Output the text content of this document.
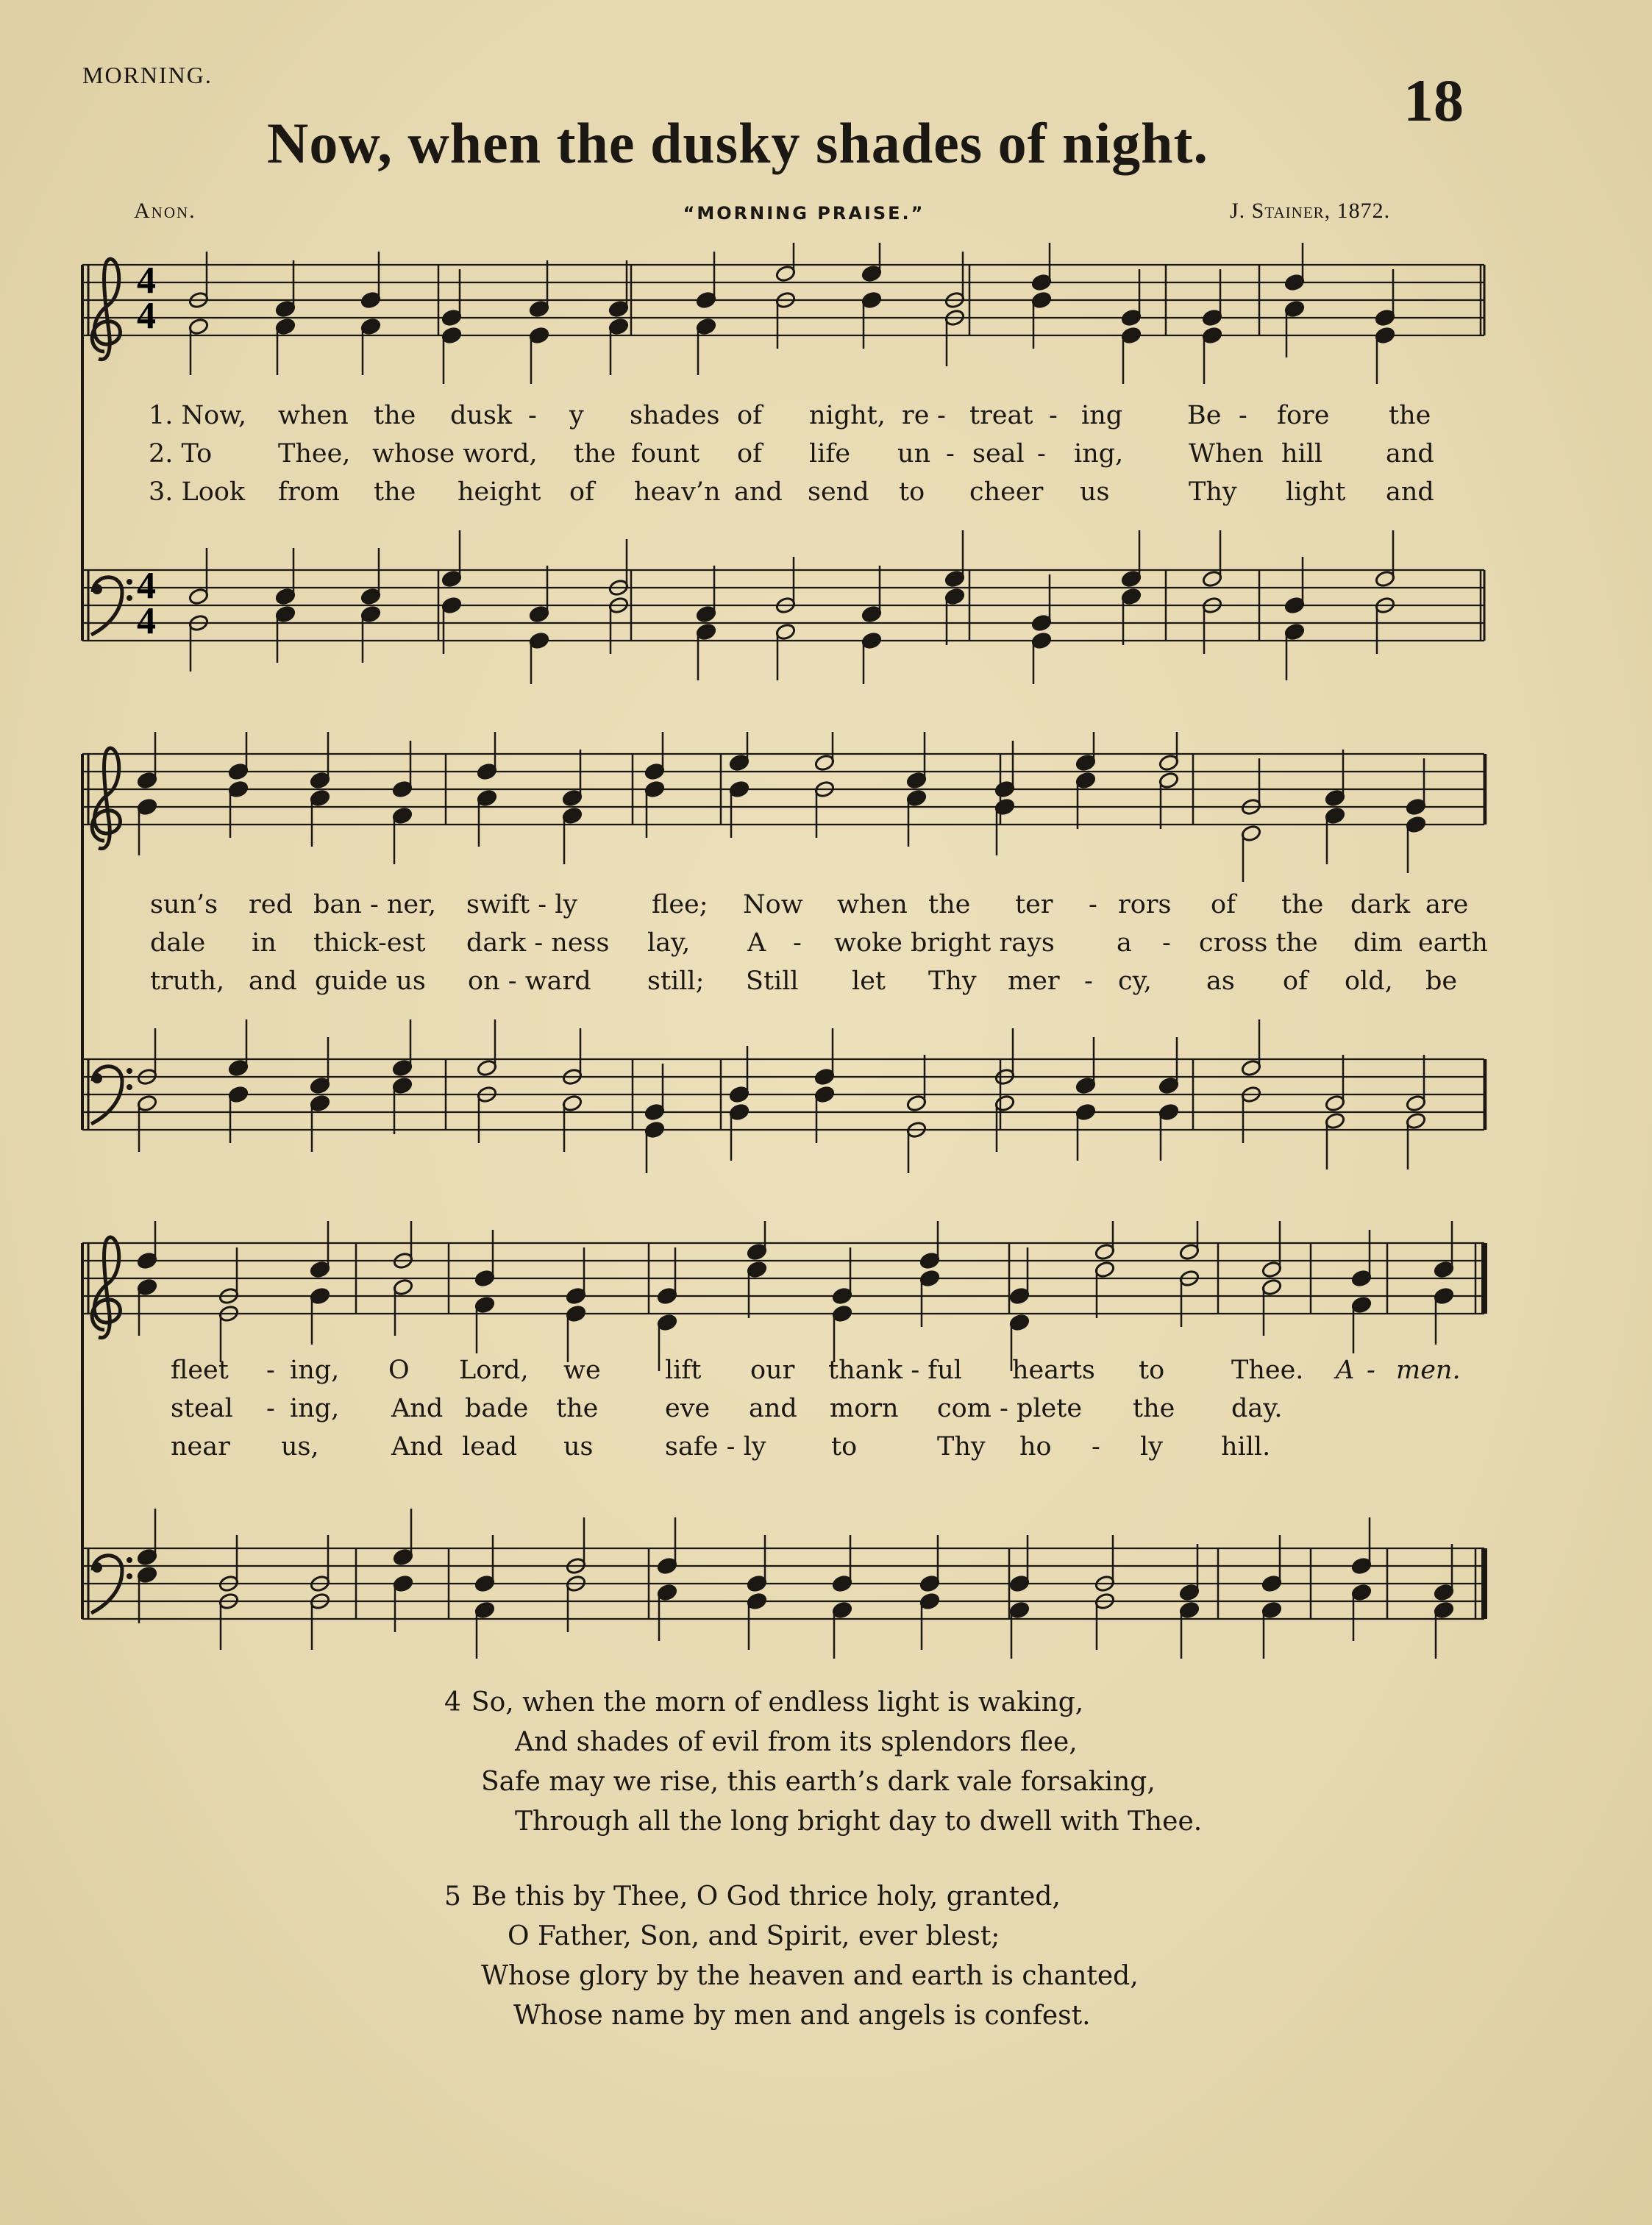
MORNING.	18
Now, when the dusky shades of night.
Anon.	“MORNING PRAISE.”	J. Stainer, 1872.
4
4
4
4
1. Now, when the dusk - y shades of night, re - treat - ing	Be - fore the
2. To	Thee, whose word, the fount of life un - seal - ing,	When hill and
3. Look from the height of heav’n and send to cheer us	Thy light and
sun’s red ban - ner, swift - ly	flee; Now when the ter - rors of the dark are
dale in thick-est dark - ness lay, A - woke bright rays a - cross the dim earth
truth, and guide us on - ward still; Still let Thy mer - cy, as of old, be
fleet - ing, O Lord, we lift our thank - ful hearts to	Thee. A - men.
steal - ing, And bade the	eve and morn com - plete the day.
near us,	And lead us	safe - ly	to	Thy ho - ly hill.
4 So, when the morn of endless light is waking,
And shades of evil from its splendors flee,
Safe may we rise, this earth’s dark vale forsaking,
Through all the long bright day to dwell with Thee.
5 Be this by Thee, O God thrice holy, granted,
O Father, Son, and Spirit, ever blest;
Whose glory by the heaven and earth is chanted,
Whose name by men and angels is confest.
